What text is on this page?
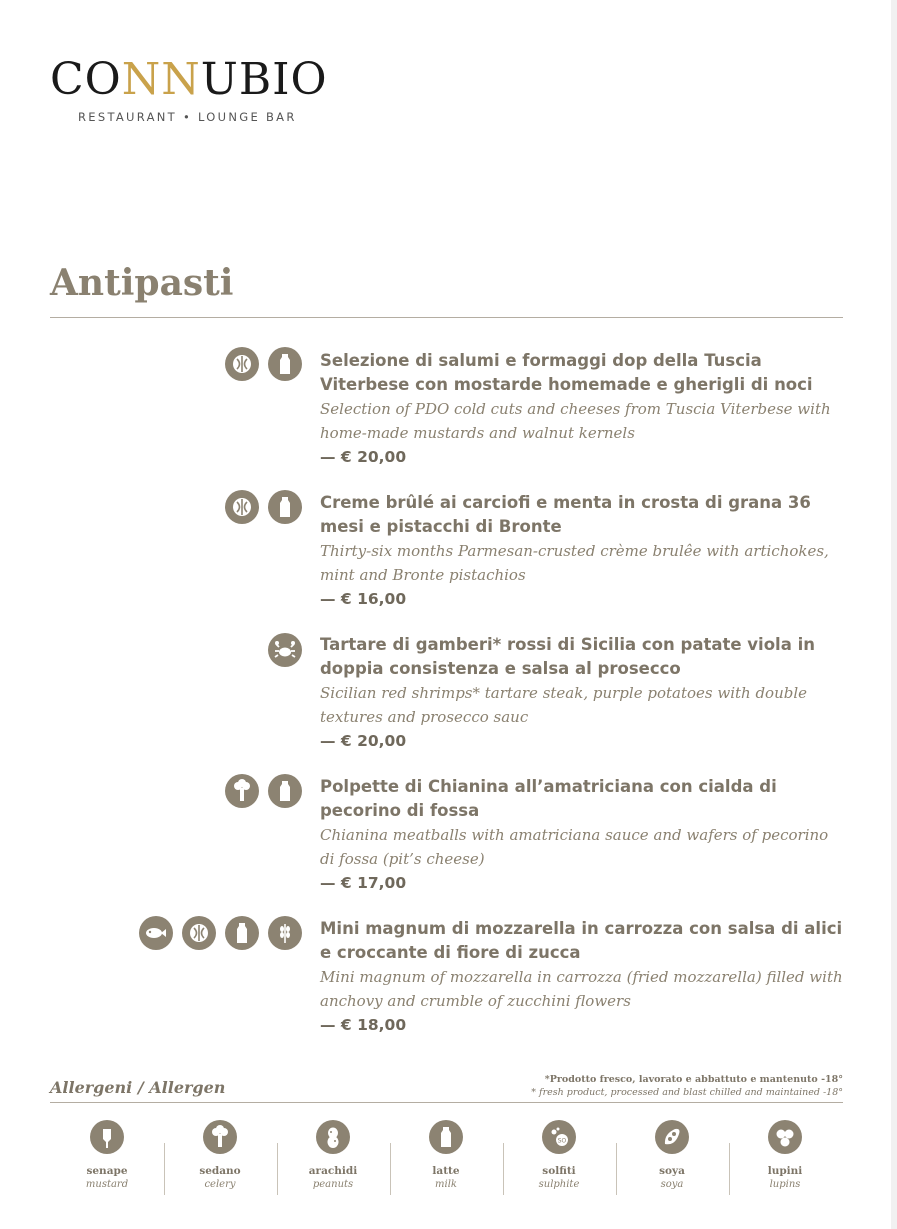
CONNUBIO
RESTAURANT • LOUNGE BAR
Antipasti
Selezione di salumi e formaggi dop della Tuscia Viterbese con mostarde homemade e gherigli di noci
Selection of PDO cold cuts and cheeses from Tuscia Viterbese with home-made mustards and walnut kernels
— € 20,00
Creme brûlé ai carciofi e menta in crosta di grana 36 mesi e pistacchi di Bronte
Thirty-six months Parmesan-crusted crème brulêe with artichokes, mint and Bronte pistachios
— € 16,00
Tartare di gamberi* rossi di Sicilia con patate viola in doppia consistenza e salsa al prosecco
Sicilian red shrimps* tartare steak, purple potatoes with double textures and prosecco sauc
— € 20,00
Polpette di Chianina all’amatriciana con cialda di pecorino di fossa
Chianina meatballs with amatriciana sauce and wafers of pecorino di fossa (pit’s cheese)
— € 17,00
Mini magnum di mozzarella in carrozza con salsa di alici e croccante di fiore di zucca
Mini magnum of mozzarella in carrozza (fried mozzarella) filled with anchovy and crumble of zucchini flowers
— € 18,00
Allergeni / Allergen	*Prodotto fresco, lavorato e abbattuto e mantenuto -18°
* fresh product, processed and blast chilled and maintained -18°
senape
mustard
sedano
celery
arachidi
peanuts
latte
milk
SO
solfiti
sulphite
soya
soya
lupini
lupins
